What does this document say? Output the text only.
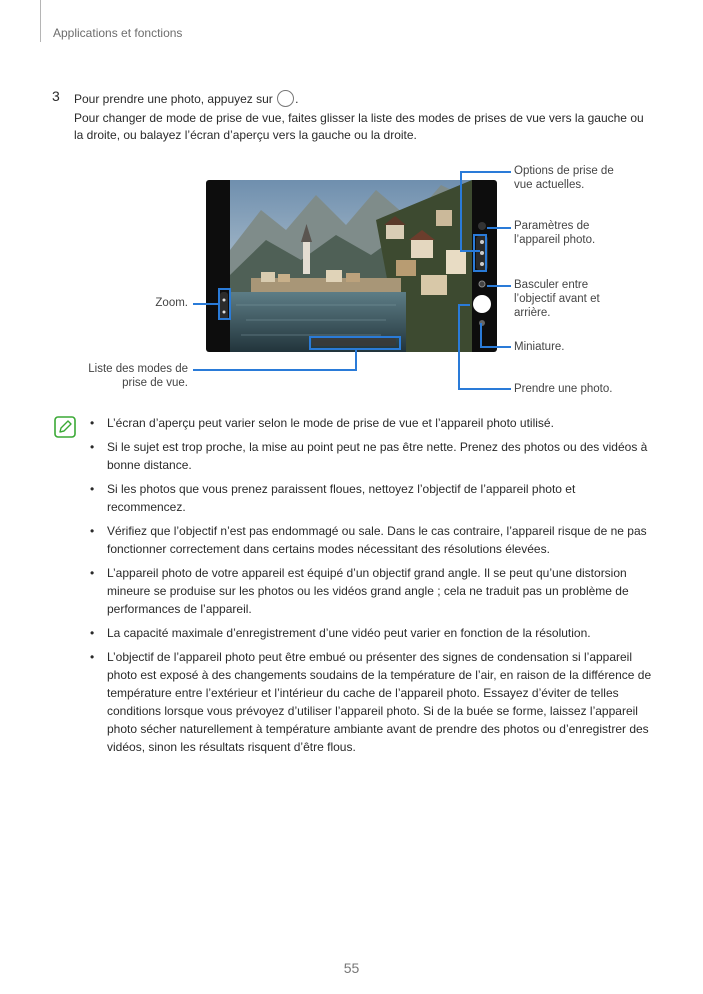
Applications et fonctions
3 Pour prendre une photo, appuyez sur .
Pour changer de mode de prise de vue, faites glisser la liste des modes de prises de vue vers la gauche ou la droite, ou balayez l’écran d’aperçu vers la gauche ou la droite.
Options de prise de vue actuelles.
Paramètres de l’appareil photo.
Basculer entre l’objectif avant et arrière.
Miniature.
Prendre une photo.
Zoom.
Liste des modes de prise de vue.
• L’écran d’aperçu peut varier selon le mode de prise de vue et l’appareil photo utilisé.
• Si le sujet est trop proche, la mise au point peut ne pas être nette. Prenez des photos ou des vidéos à bonne distance.
• Si les photos que vous prenez paraissent floues, nettoyez l’objectif de l’appareil photo et recommencez.
• Vérifiez que l’objectif n’est pas endommagé ou sale. Dans le cas contraire, l’appareil risque de ne pas fonctionner correctement dans certains modes nécessitant des résolutions élevées.
• L’appareil photo de votre appareil est équipé d’un objectif grand angle. Il se peut qu’une distorsion mineure se produise sur les photos ou les vidéos grand angle ; cela ne traduit pas un problème de performances de l’appareil.
• La capacité maximale d’enregistrement d’une vidéo peut varier en fonction de la résolution.
• L’objectif de l’appareil photo peut être embué ou présenter des signes de condensation si l’appareil photo est exposé à des changements soudains de la température de l’air, en raison de la différence de température entre l’extérieur et l’intérieur du cache de l’appareil photo. Essayez d’éviter de telles conditions lorsque vous prévoyez d’utiliser l’appareil photo. Si de la buée se forme, laissez l’appareil photo sécher naturellement à température ambiante avant de prendre des photos ou d’enregistrer des vidéos, sinon les résultats risquent d’être flous.
55
